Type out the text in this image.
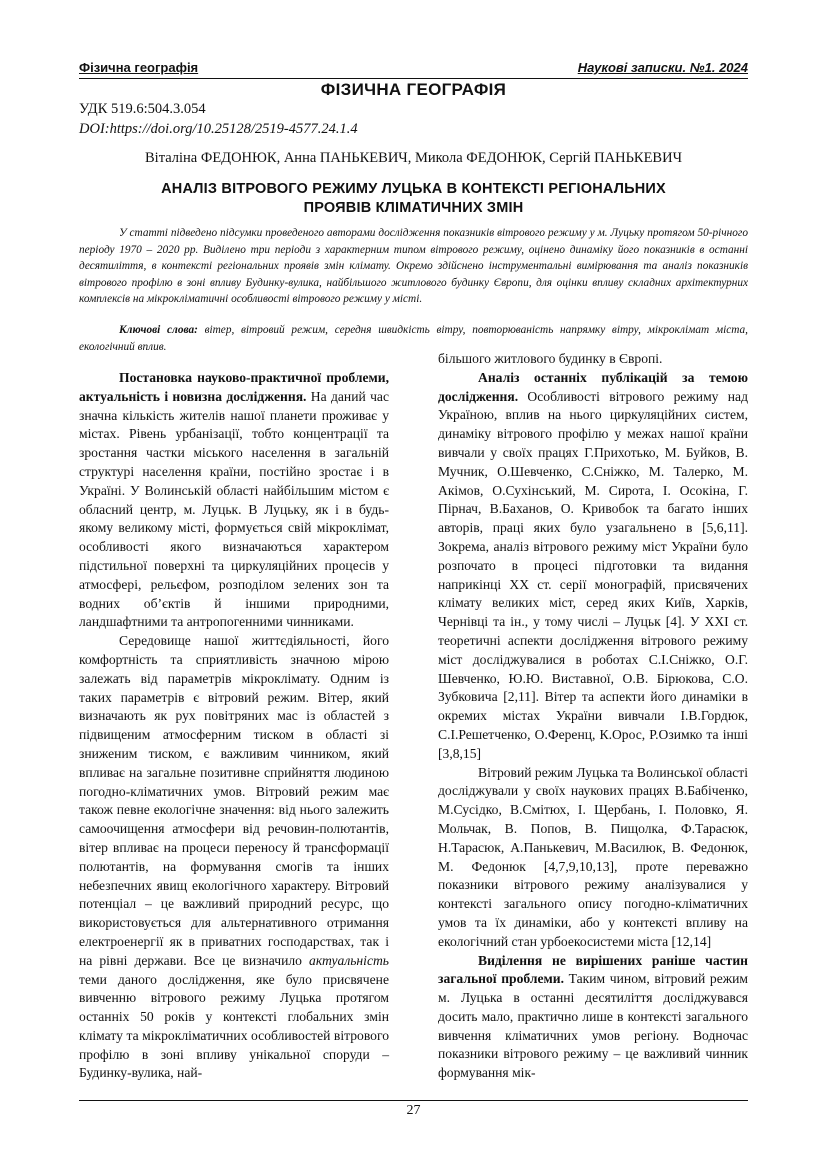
Фізична географія	Наукові записки. №1. 2024
ФІЗИЧНА ГЕОГРАФІЯ
УДК 519.6:504.3.054
DOI:https://doi.org/10.25128/2519-4577.24.1.4
Віталіна ФЕДОНЮК, Анна ПАНЬКЕВИЧ, Микола ФЕДОНЮК, Сергій ПАНЬКЕВИЧ
АНАЛІЗ ВІТРОВОГО РЕЖИМУ ЛУЦЬКА В КОНТЕКСТІ РЕГІОНАЛЬНИХ ПРОЯВІВ КЛІМАТИЧНИХ ЗМІН

У статті підведено підсумки проведеного авторами дослідження показників вітрового режиму у м. Луцьку протягом 50-річного періоду 1970 – 2020 рр. Виділено три періоди з характерним типом вітрового режиму, оцінено динаміку його показників в останні десятиліття, в контексті регіональних проявів змін клімату. Окремо здійснено інструментальні вимірювання та аналіз показників вітрового профілю в зоні впливу Будинку-вулика, найбільшого житлового будинку Європи, для оцінки впливу складних архітектурних комплексів на мікрокліматичні особливості вітрового режиму у місті.

Ключові слова: вітер, вітровий режим, середня швидкість вітру, повторюваність напрямку вітру, мікроклімат міста, екологічний вплив.

Постановка науково-практичної проблеми, актуальність і новизна дослідження. На даний час значна кількість жителів нашої планети проживає у містах. Рівень урбанізації, тобто концентрації та зростання частки міського населення в загальній структурі населення країни, постійно зростає і в Україні. У Волинській області найбільшим містом є обласний центр, м. Луцьк. В Луцьку, як і в будь-якому великому місті, формується свій мікроклімат, особливості якого визначаються характером підстильної поверхні та циркуляційних процесів у атмосфері, рельєфом, розподілом зелених зон та водних об’єктів й іншими природними, ландшафтними та антропогенними чинниками.

Середовище нашої життєдіяльності, його комфортність та сприятливість значною мірою залежать від параметрів мікроклімату. Одним із таких параметрів є вітровий режим. Вітер, який визначають як рух повітряних мас із областей з підвищеним атмосферним тиском в області зі зниженим тиском, є важливим чинником, який впливає на загальне позитивне сприйняття людиною погодно-кліматичних умов. Вітровий режим має також певне екологічне значення: від нього залежить самоочищення атмосфери від речовин-полютантів, вітер впливає на процеси переносу й трансформації полютантів, на формування смогів та інших небезпечних явищ екологічного характеру. Вітровий потенціал – це важливий природний ресурс, що використовується для альтернативного отримання електроенергії як в приватних господарствах, так і на рівні держави. Все це визначило актуальність теми даного дослідження, яке було присвячене вивченню вітрового режиму Луцька протягом останніх 50 років у контексті глобальних змін клімату та мікрокліматичних особливостей вітрового профілю в зоні впливу унікальної споруди – Будинку-вулика, най-

більшого житлового будинку в Європі.

Аналіз останніх публікацій за темою дослідження. Особливості вітрового режиму над Україною, вплив на нього циркуляційних систем, динаміку вітрового профілю у межах нашої країни вивчали у своїх працях Г.Прихотько, М. Буйков, В. Мучник, О.Шевченко, С.Сніжко, М. Талерко, М. Акімов, О.Сухінський, М. Сирота, І. Осокіна, Г. Пірнач, В.Баханов, О. Кривобок та багато інших авторів, праці яких було узагальнено в [5,6,11]. Зокрема, аналіз вітрового режиму міст України було розпочато в процесі підготовки та видання наприкінці ХХ ст. серії монографій, присвячених клімату великих міст, серед яких Київ, Харків, Чернівці та ін., у тому числі – Луцьк [4]. У ХХІ ст. теоретичні аспекти дослідження вітрового режиму міст досліджувалися в роботах С.І.Сніжко, О.Г. Шевченко, Ю.Ю. Виставної, О.В. Бірюкова, С.О. Зубковича [2,11]. Вітер та аспекти його динаміки в окремих містах України вивчали І.В.Гордюк, С.І.Решетченко, О.Ференц, К.Орос, Р.Озимко та інші [3,8,15]

Вітровий режим Луцька та Волинської області досліджували у своїх наукових працях В.Бабіченко, М.Сусідко, В.Смітюх, І. Щербань, І. Половко, Я. Мольчак, В. Попов, В. Пищолка, Ф.Тарасюк, Н.Тарасюк, А.Панькевич, М.Василюк, В. Федонюк, М. Федонюк [4,7,9,10,13], проте переважно показники вітрового режиму аналізувалися у контексті загального опису погодно-кліматичних умов та їх динаміки, або у контексті впливу на екологічний стан урбоекосистеми міста [12,14]

Виділення не вирішених раніше частин загальної проблеми. Таким чином, вітровий режим м. Луцька в останні десятиліття досліджувався досить мало, практично лише в контексті загального вивчення кліматичних умов регіону. Водночас показники вітрового режиму – це важливий чинник формування мік-

27
